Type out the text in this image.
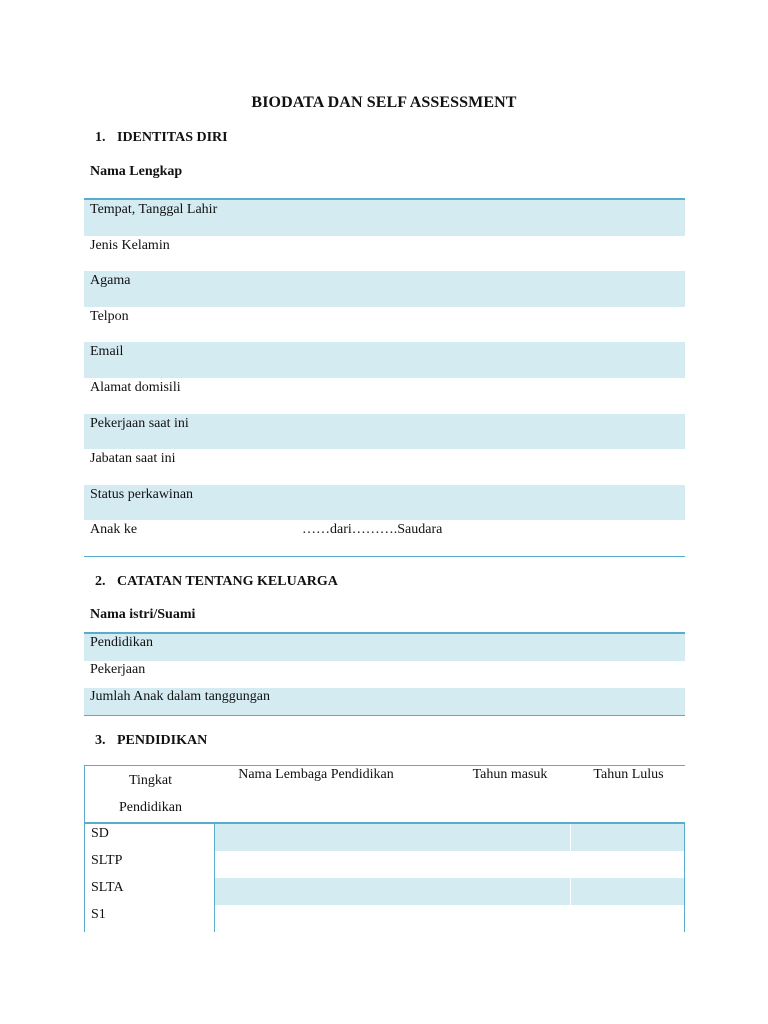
BIODATA DAN SELF ASSESSMENT
1. IDENTITAS DIRI
Nama Lengkap
Tempat, Tanggal Lahir
Jenis Kelamin
Agama
Telpon
Email
Alamat domisili
Pekerjaan saat ini
Jabatan saat ini
Status perkawinan
Anak ke	……dari……….Saudara
2. CATATAN TENTANG KELUARGA
Nama istri/Suami
Pendidikan
Pekerjaan
Jumlah Anak dalam tanggungan
3. PENDIDIKAN
Tingkat
Pendidikan
Nama Lembaga Pendidikan	Tahun masuk	Tahun Lulus
SD
SLTP
SLTA
S1
